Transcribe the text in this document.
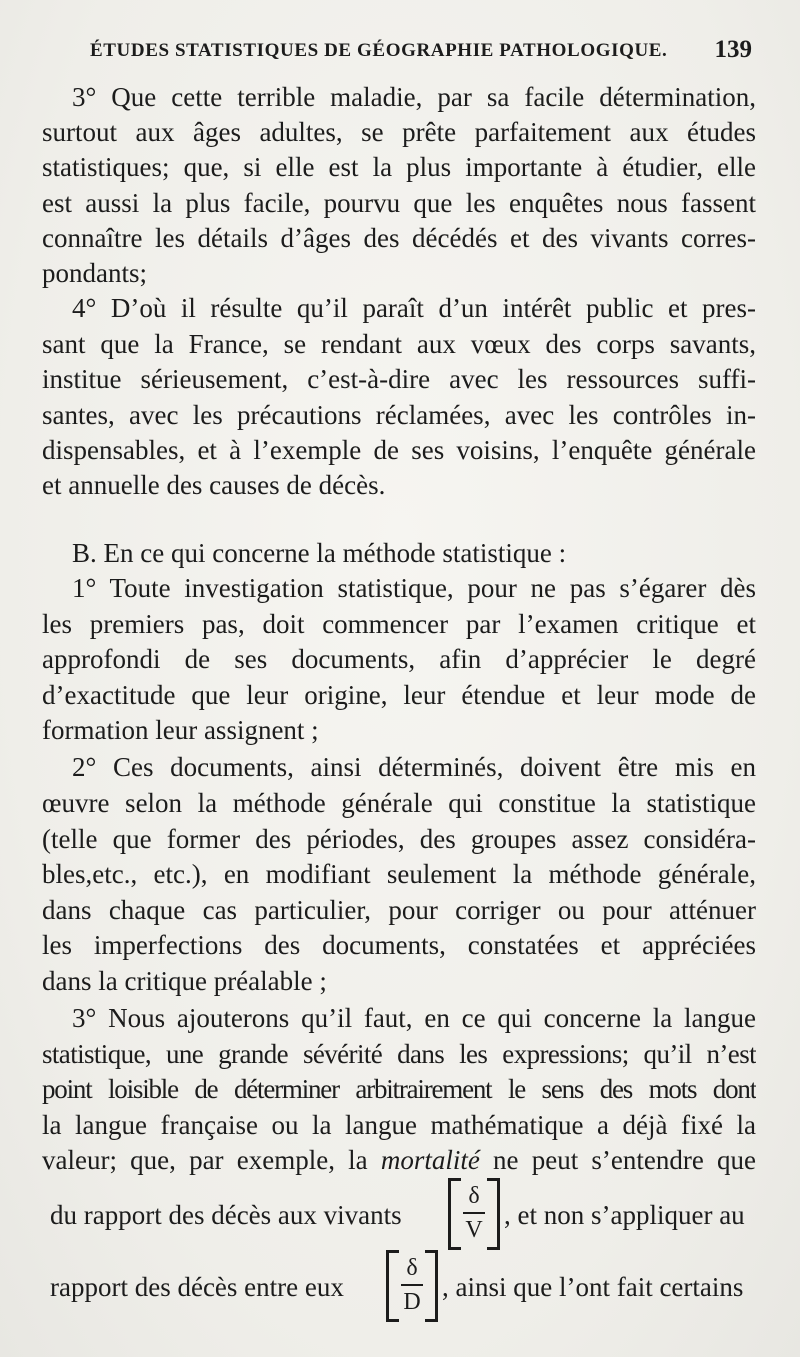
ÉTUDES STATISTIQUES DE GÉOGRAPHIE PATHOLOGIQUE. 139
3° Que cette terrible maladie, par sa facile détermination,
surtout aux âges adultes, se prête parfaitement aux études
statistiques; que, si elle est la plus importante à étudier, elle
est aussi la plus facile, pourvu que les enquêtes nous fassent
connaître les détails d’âges des décédés et des vivants corres-
pondants;
4° D’où il résulte qu’il paraît d’un intérêt public et pres-
sant que la France, se rendant aux vœux des corps savants,
institue sérieusement, c’est-à-dire avec les ressources suffi-
santes, avec les précautions réclamées, avec les contrôles in-
dispensables, et à l’exemple de ses voisins, l’enquête générale
et annuelle des causes de décès.
B. En ce qui concerne la méthode statistique :
1° Toute investigation statistique, pour ne pas s’égarer dès
les premiers pas, doit commencer par l’examen critique et
approfondi de ses documents, afin d’apprécier le degré
d’exactitude que leur origine, leur étendue et leur mode de
formation leur assignent ;
2° Ces documents, ainsi déterminés, doivent être mis en
œuvre selon la méthode générale qui constitue la statistique
(telle que former des périodes, des groupes assez considéra-
bles,etc., etc.), en modifiant seulement la méthode générale,
dans chaque cas particulier, pour corriger ou pour atténuer
les imperfections des documents, constatées et appréciées
dans la critique préalable ;
3° Nous ajouterons qu’il faut, en ce qui concerne la langue
statistique, une grande sévérité dans les expressions; qu’il n’est
point loisible de déterminer arbitrairement le sens des mots dont
la langue française ou la langue mathématique a déjà fixé la
valeur; que, par exemple, la mortalité ne peut s’entendre que
du rapport des décès aux vivants $\frac{\delta}{V}$ , et non s’appliquer au
rapport des décès entre eux $\frac{\delta}{D}$ , ainsi que l’ont fait certains
